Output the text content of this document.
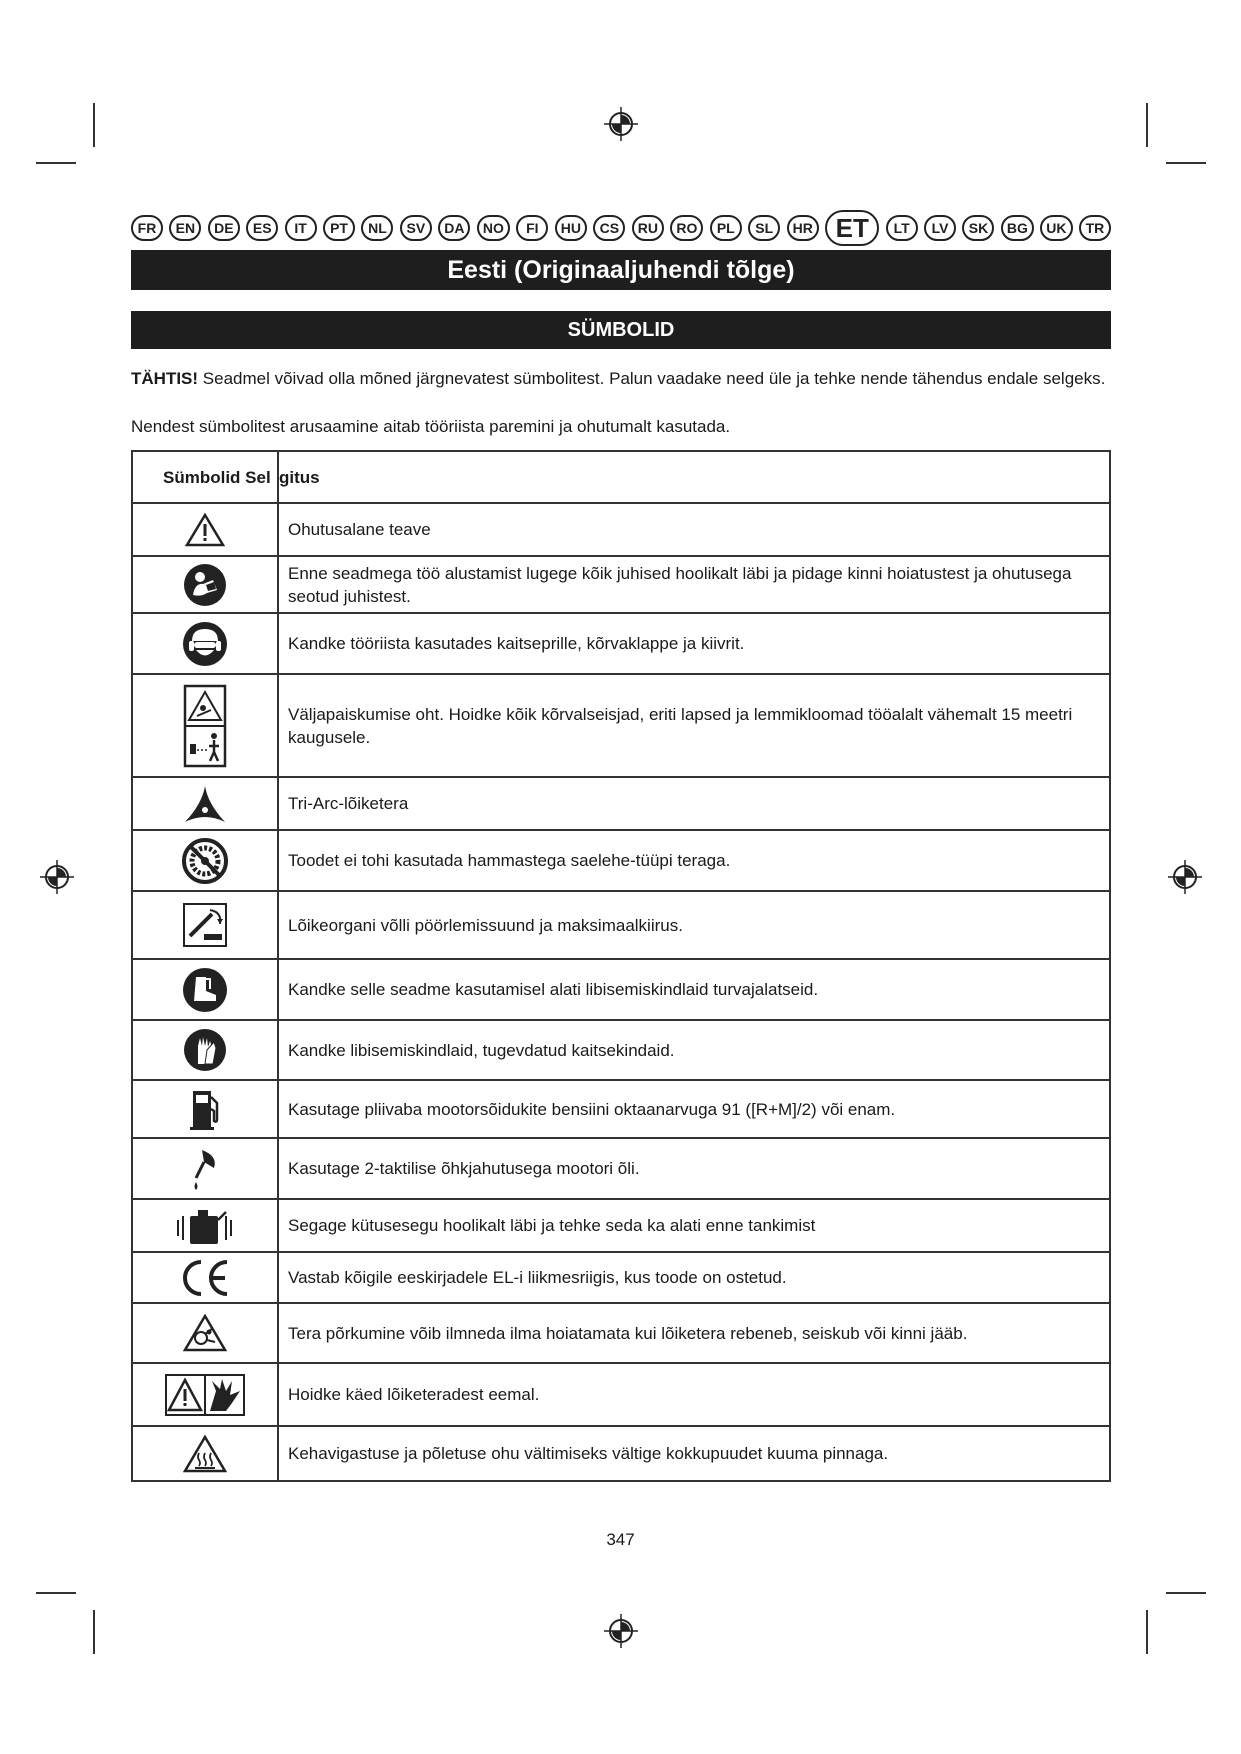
FR	EN	DE	ES	IT	PT	NL	SV	DA	NO	FI	HU	CS	RU	RO	PL	SL	HR ET	LT	LV	SK	BG	UK	TR
Eesti (Originaaljuhendi tõlge)
SÜMBOLID
TÄHTIS! Seadmel võivad olla mõned järgnevatest sümbolitest. Palun vaadake need üle ja tehke nende tähendus endale selgeks.
Nendest sümbolitest arusaamine aitab tööriista paremini ja ohutumalt kasutada.
Sümbolid Sel	gitus
	Ohutusalane teave
	Enne seadmega töö alustamist lugege kõik juhised hoolikalt läbi ja pidage kinni hoiatustest ja ohutusega seotud juhistest.
	Kandke tööriista kasutades kaitseprille, kõrvaklappe ja kiivrit.
	Väljapaiskumise oht. Hoidke kõik kõrvalseisjad, eriti lapsed ja lemmikloomad tööalalt vähemalt 15 meetri kaugusele.
	Tri-Arc-lõiketera
	Toodet ei tohi kasutada hammastega saelehe-tüüpi teraga.
	Lõikeorgani võlli pöörlemissuund ja maksimaalkiirus.
	Kandke selle seadme kasutamisel alati libisemiskindlaid turvajalatseid.
	Kandke libisemiskindlaid, tugevdatud kaitsekindaid.
	Kasutage pliivaba mootorsõidukite bensiini oktaanarvuga 91 ([R+M]/2) või enam.
	Kasutage 2-taktilise õhkjahutusega mootori õli.
	Segage kütusesegu hoolikalt läbi ja tehke seda ka alati enne tankimist
	Vastab kõigile eeskirjadele EL-i liikmesriigis, kus toode on ostetud.
	Tera põrkumine võib ilmneda ilma hoiatamata kui lõiketera rebeneb, seiskub või kinni jääb.
	Hoidke käed lõiketeradest eemal.
	Kehavigastuse ja põletuse ohu vältimiseks vältige kokkupuudet kuuma pinnaga.
347
